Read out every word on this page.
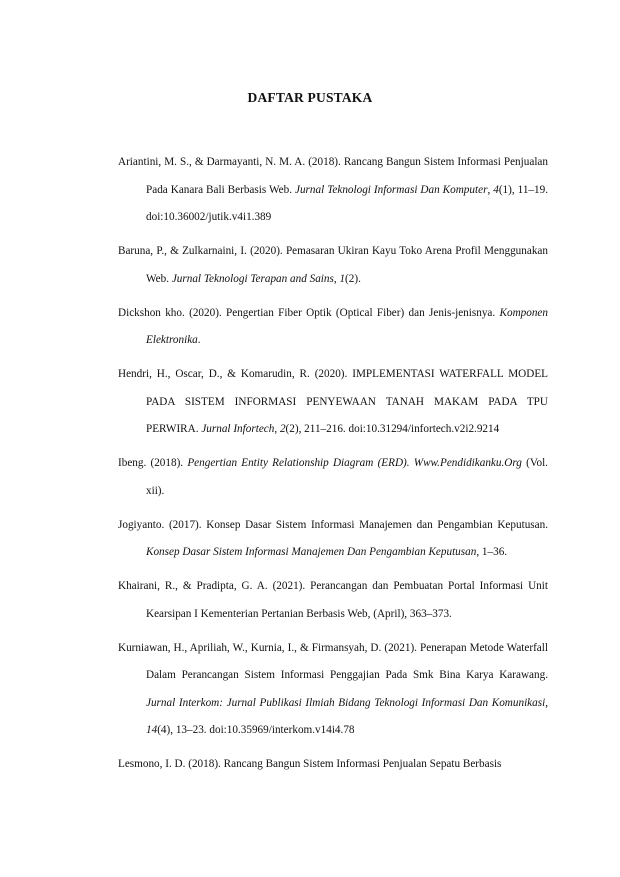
DAFTAR PUSTAKA
Ariantini, M. S., & Darmayanti, N. M. A. (2018). Rancang Bangun Sistem Informasi Penjualan Pada Kanara Bali Berbasis Web. Jurnal Teknologi Informasi Dan Komputer, 4(1), 11–19. doi:10.36002/jutik.v4i1.389
Baruna, P., & Zulkarnaini, I. (2020). Pemasaran Ukiran Kayu Toko Arena Profil Menggunakan Web. Jurnal Teknologi Terapan and Sains, 1(2).
Dickshon kho. (2020). Pengertian Fiber Optik (Optical Fiber) dan Jenis-jenisnya. Komponen Elektronika.
Hendri, H., Oscar, D., & Komarudin, R. (2020). IMPLEMENTASI WATERFALL MODEL PADA SISTEM INFORMASI PENYEWAAN TANAH MAKAM PADA TPU PERWIRA. Jurnal Infortech, 2(2), 211–216. doi:10.31294/infortech.v2i2.9214
Ibeng. (2018). Pengertian Entity Relationship Diagram (ERD). Www.Pendidikanku.Org (Vol. xii).
Jogiyanto. (2017). Konsep Dasar Sistem Informasi Manajemen dan Pengambian Keputusan. Konsep Dasar Sistem Informasi Manajemen Dan Pengambian Keputusan, 1–36.
Khairani, R., & Pradipta, G. A. (2021). Perancangan dan Pembuatan Portal Informasi Unit Kearsipan I Kementerian Pertanian Berbasis Web, (April), 363–373.
Kurniawan, H., Apriliah, W., Kurnia, I., & Firmansyah, D. (2021). Penerapan Metode Waterfall Dalam Perancangan Sistem Informasi Penggajian Pada Smk Bina Karya Karawang. Jurnal Interkom: Jurnal Publikasi Ilmiah Bidang Teknologi Informasi Dan Komunikasi, 14(4), 13–23. doi:10.35969/interkom.v14i4.78
Lesmono, I. D. (2018). Rancang Bangun Sistem Informasi Penjualan Sepatu Berbasis
